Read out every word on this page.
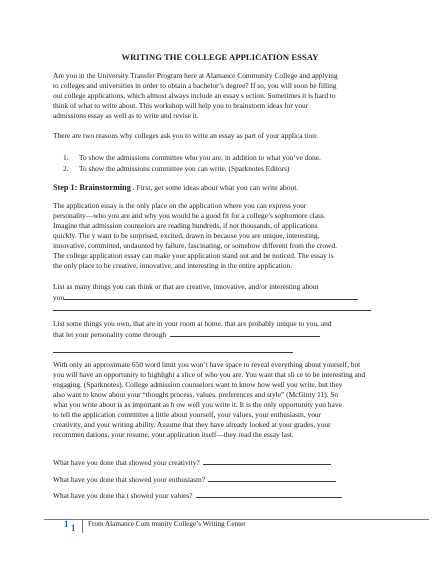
WRITING THE COLLEGE APPLICATION ESSAY
Are you in the University Transfer Program here at Alamance Community College and applying
to colleges and universities in order to obtain a bachelor’s degree? If so, you will soon be filling
out college applications, which almost always include an essay s ection. Sometimes it is hard to
think of what to write about. This workshop will help you to brainstorm ideas for your
admissions essay as well as to write and revise it.
There are two reasons why colleges ask you to write an essay as part of your applica tion:
1. To show the admissions committee who you are, in addition to what you’ve done.
2. To show the admissions committee you can write. (Sparknotes Editors)
Step 1: Brainstorming . First, get some ideas about what you can write about.
The application essay is the only place on the application where you can express your
personality—who you are and why you would be a good fit for a college’s sophomore class.
Imagine that admission counselors are reading hundreds, if not thousands, of applications
quickly. The y want to be surprised, excited, drawn in because you are unique, interesting,
innovative, committed, undaunted by failure, fascinating, or somehow different from the crowd.
The college application essay can make your application stand out and be noticed. The essay is
the only place to be creative, innovative, and interesting in the entire application.
List as many things you can think or that are creative, innovative, and/or interesting about
you
List some things you own, that are in your room at home, that are probably unique to you, and
that let your personality come through
With only an approximate 650 word limit you won’t have space to reveal everything about yourself, but
you will have an opportunity to highlight a slice of who you are. You want that sli ce to be interesting and
engaging. (Sparknotes). College admission counselors want to know how well you write, but they
also want to know about your “thought process, values, preferences and style” (McGinty 11). So
what you write about is as important as h ow well you write it. It is the only opportunity you have
to tell the application committee a little about yourself, your values, your enthusiasm, your
creativity, and your writing ability. Assume that they have already looked at your grades, your
recommen dations, your resume, your application itself—they read the essay last.
What have you done that showed your creativity?
What have you done that showed your enthusiasm?
What have you done tha t showed your values?
1 1 From Alamance Com munity College’s Writing Center
